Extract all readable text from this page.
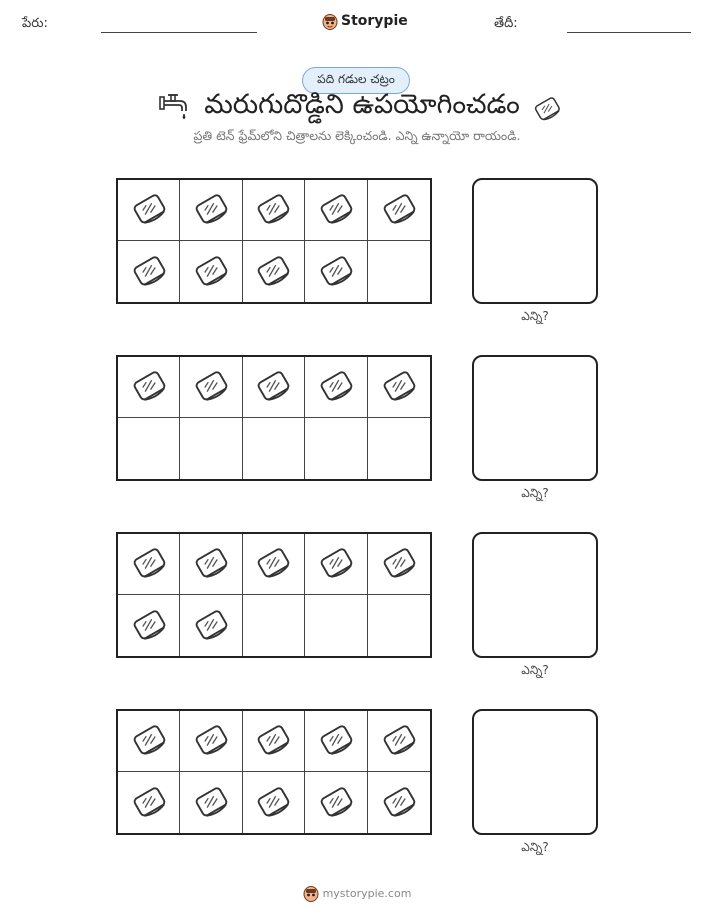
పేరు:	Storypie	తేదీ:
పది గడుల చట్రం
మరుగుదొడ్డిని ఉపయోగించడం
ప్రతి టెన్ ఫ్రేమ్‌లోని చిత్రాలను లెక్కించండి. ఎన్ని ఉన్నాయో రాయండి.
ఎన్ని?
ఎన్ని?
ఎన్ని?
ఎన్ని?
mystorypie.com
